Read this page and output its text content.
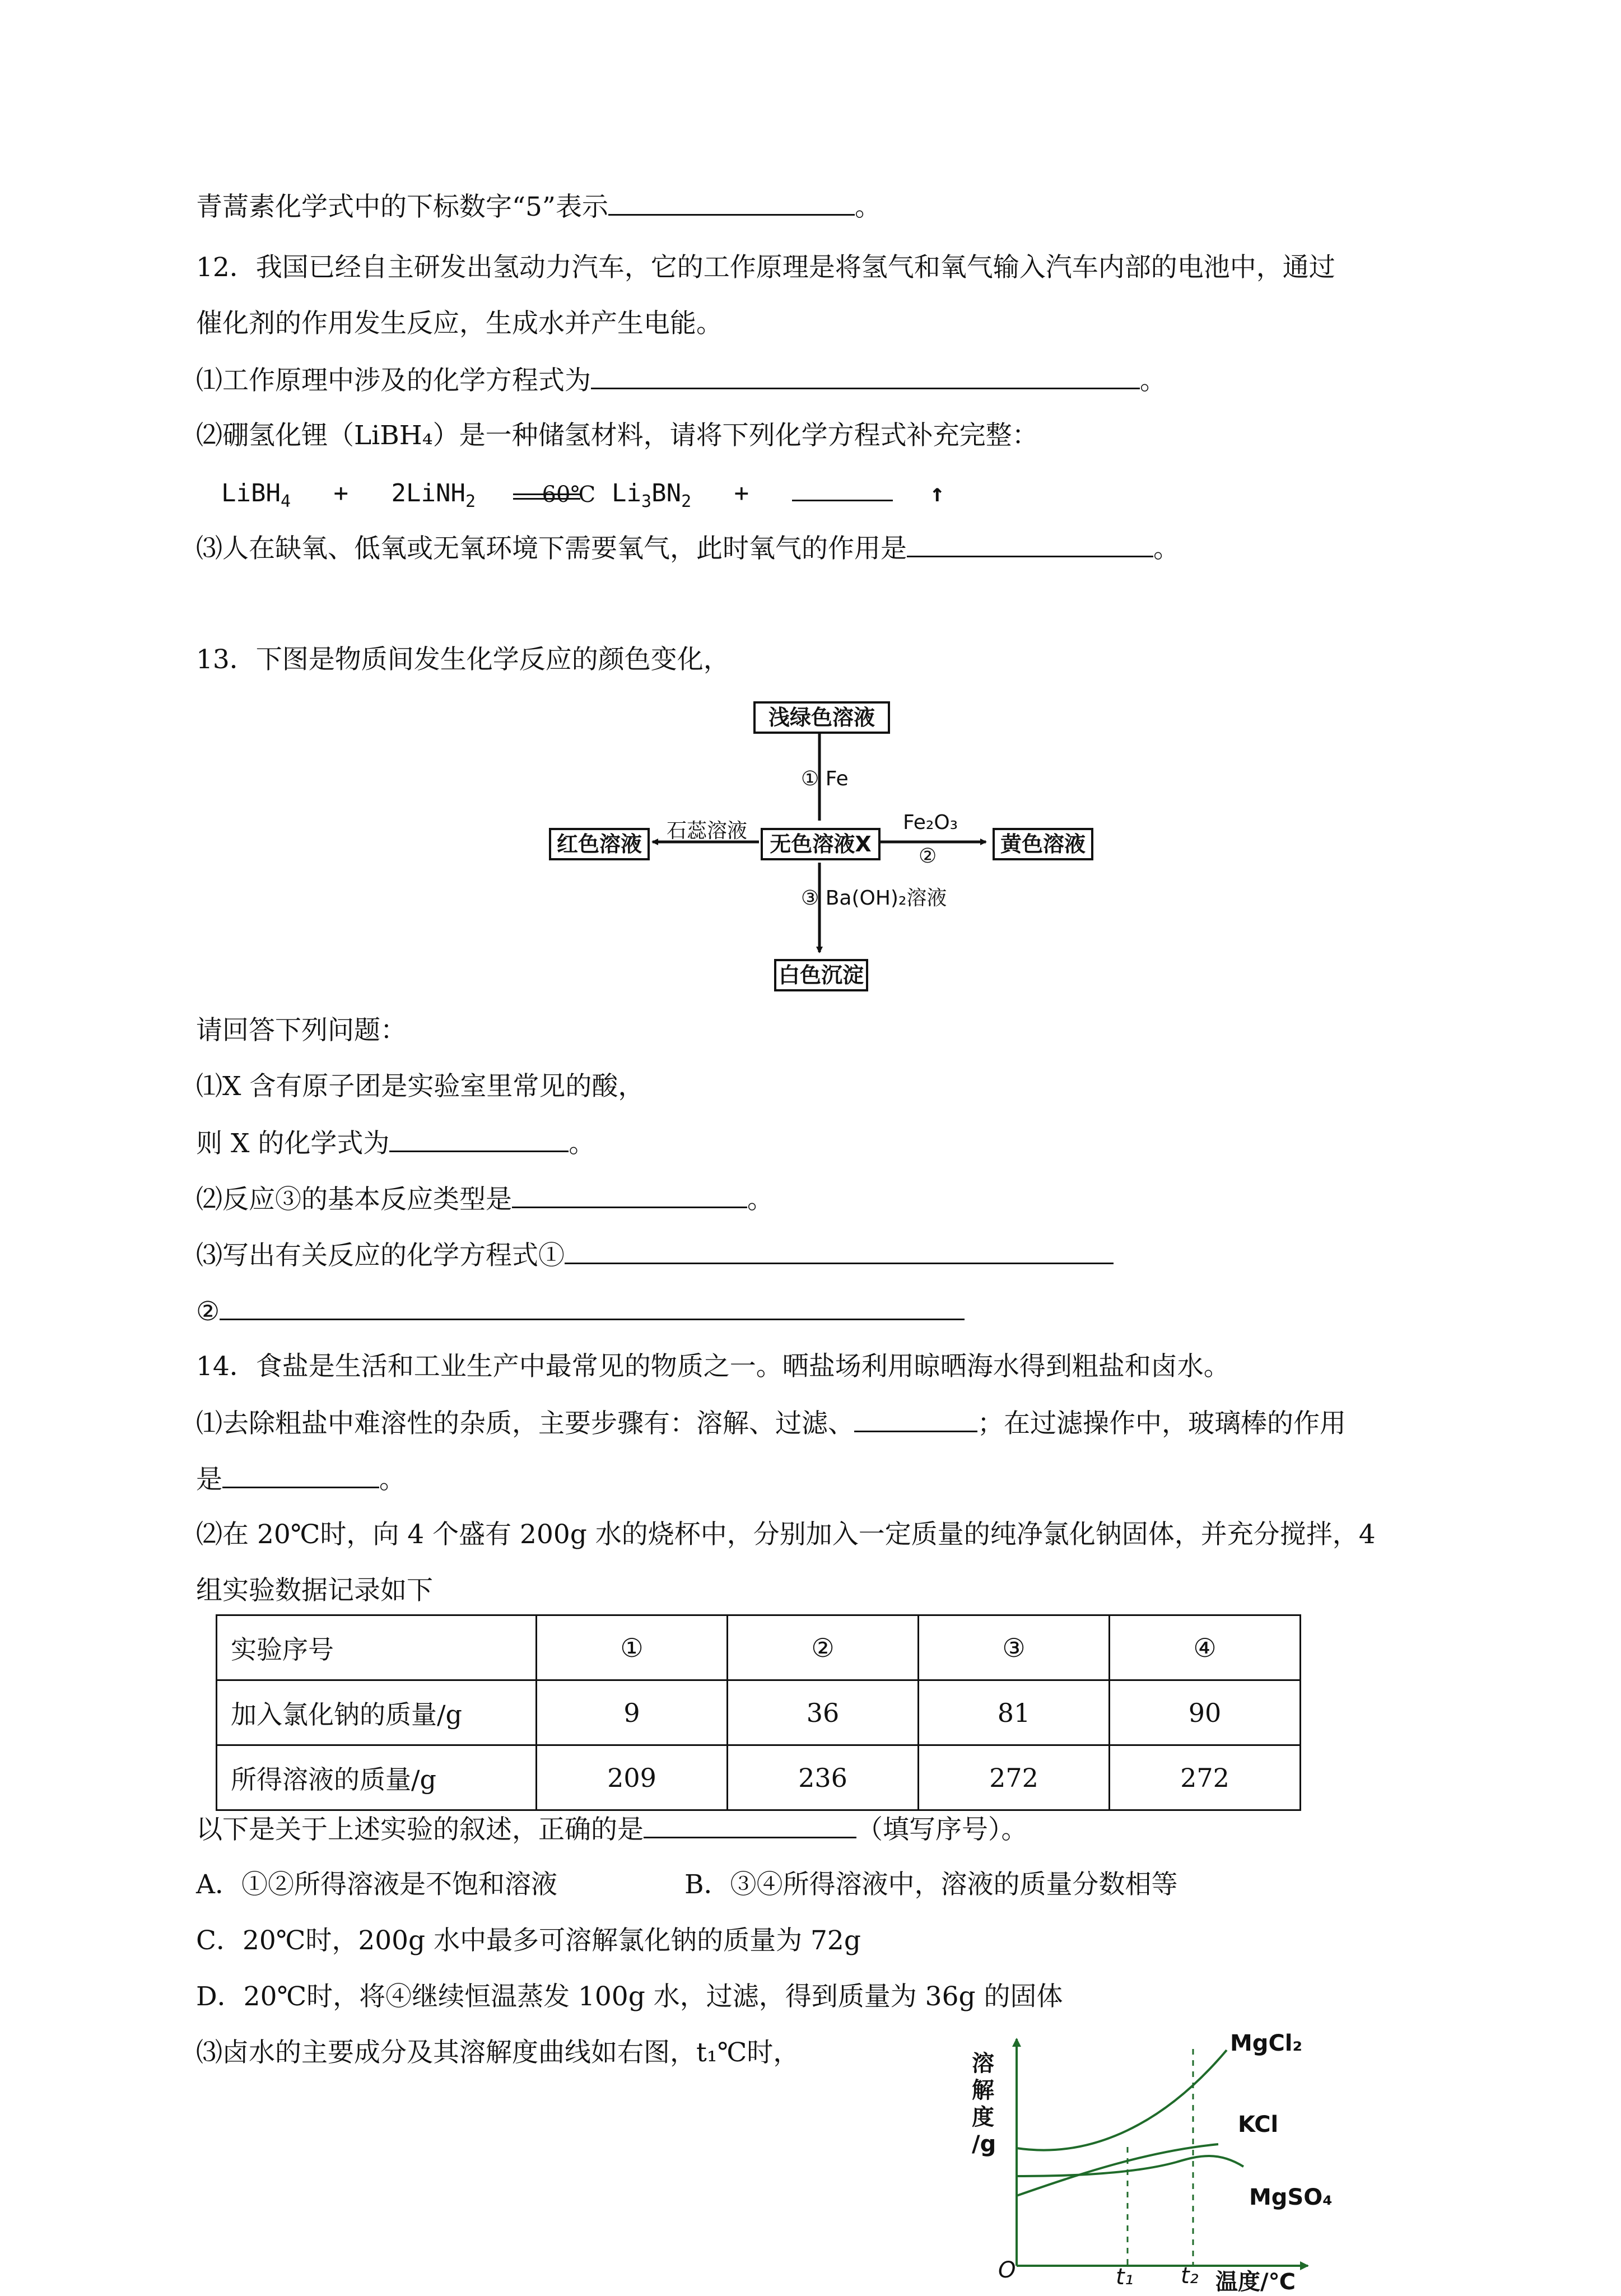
青蒿素化学式中的下标数字“5”表示	。
12．我国已经自主研发出氢动力汽车，它的工作原理是将氢气和氧气输入汽车内部的电池中，通过
催化剂的作用发生反应，生成水并产生电能。
⑴工作原理中涉及的化学方程式为	。
⑵硼氢化锂（LiBH₄）是一种储氢材料，请将下列化学方程式补充完整：
LiBH$_4$ + 2LiNH$_2$	60℃ $Li_3BN_2$ +	↑
⑶人在缺氧、低氧或无氧环境下需要氧气，此时氧气的作用是	。
13．下图是物质间发生化学反应的颜色变化，
浅绿色溶液
无色溶液X
红色溶液	黄色溶液
白色沉淀
① Fe
石蕊溶液	Fe₂O₃
②
③ Ba(OH)₂溶液
请回答下列问题：
⑴X 含有原子团是实验室里常见的酸，
则 X 的化学式为	。
⑵反应③的基本反应类型是	。
⑶写出有关反应的化学方程式①
②
14．食盐是生活和工业生产中最常见的物质之一。晒盐场利用晾晒海水得到粗盐和卤水。
⑴去除粗盐中难溶性的杂质，主要步骤有：溶解、过滤、	；在过滤操作中，玻璃棒的作用
是	。
⑵在 20℃时，向 4 个盛有 200g 水的烧杯中，分别加入一定质量的纯净氯化钠固体，并充分搅拌，4
组实验数据记录如下
实验序号	①	②	③	④
加入氯化钠的质量/g	9	36	81	90
所得溶液的质量/g	209	236	272	272
以下是关于上述实验的叙述，正确的是	（填写序号）。
A．①②所得溶液是不饱和溶液	B．③④所得溶液中，溶液的质量分数相等
C．20℃时，200g 水中最多可溶解氯化钠的质量为 72g
D．20℃时，将④继续恒温蒸发 100g 水，过滤，得到质量为 36g 的固体
⑶卤水的主要成分及其溶解度曲线如右图，t₁℃时，	溶
解
度
/g
MgCl₂
KCl
MgSO₄
O	t₁ t₂ 温度/℃
